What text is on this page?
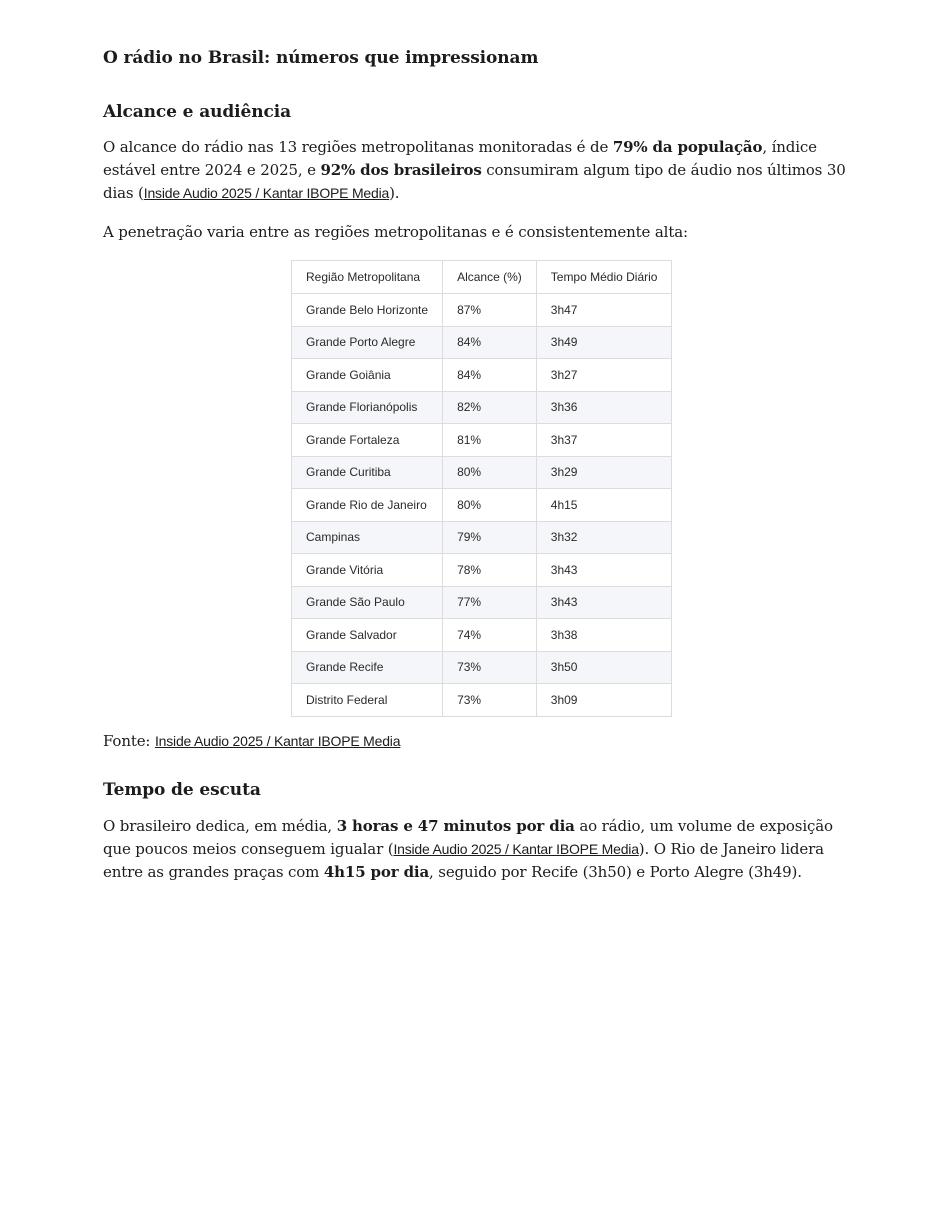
O rádio no Brasil: números que impressionam
Alcance e audiência

O alcance do rádio nas 13 regiões metropolitanas monitoradas é de 79% da população, índice estável entre 2024 e 2025, e 92% dos brasileiros consumiram algum tipo de áudio nos últimos 30 dias (Inside Audio 2025 / Kantar IBOPE Media).

A penetração varia entre as regiões metropolitanas e é consistentemente alta:

Região Metropolitana	Alcance (%)	Tempo Médio Diário
Grande Belo Horizonte	87%	3h47
Grande Porto Alegre	84%	3h49
Grande Goiânia	84%	3h27
Grande Florianópolis	82%	3h36
Grande Fortaleza	81%	3h37
Grande Curitiba	80%	3h29
Grande Rio de Janeiro	80%	4h15
Campinas	79%	3h32
Grande Vitória	78%	3h43
Grande São Paulo	77%	3h43
Grande Salvador	74%	3h38
Grande Recife	73%	3h50
Distrito Federal	73%	3h09

Fonte: Inside Audio 2025 / Kantar IBOPE Media

Tempo de escuta

O brasileiro dedica, em média, 3 horas e 47 minutos por dia ao rádio, um volume de exposição que poucos meios conseguem igualar (Inside Audio 2025 / Kantar IBOPE Media). O Rio de Janeiro lidera entre as grandes praças com 4h15 por dia, seguido por Recife (3h50) e Porto Alegre (3h49).
